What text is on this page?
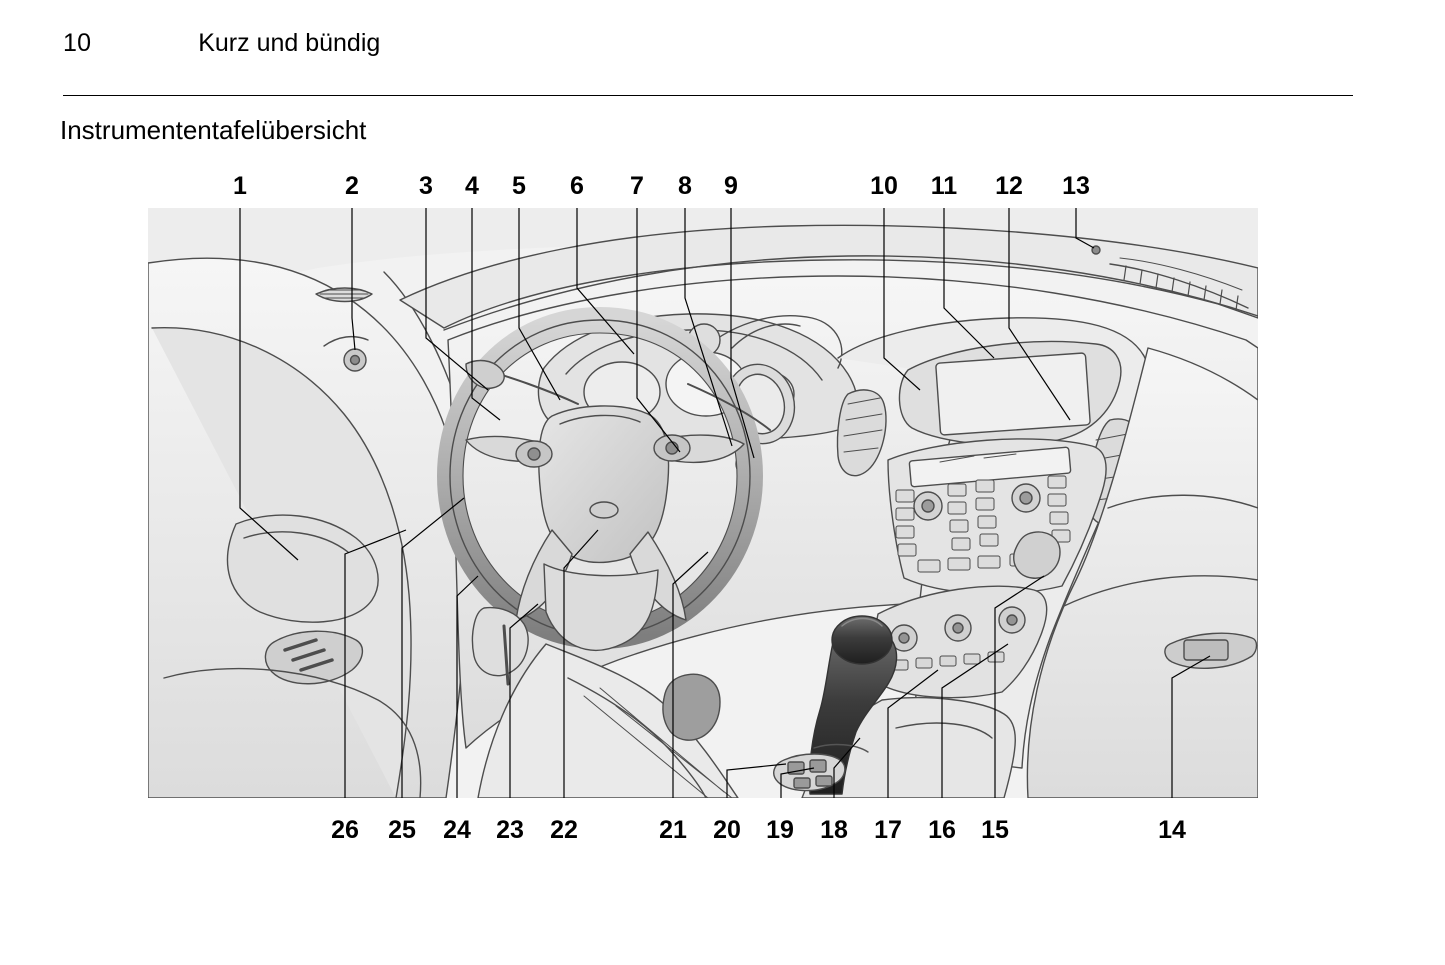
10	Kurz und bündig
Instrumententafelübersicht
1	2 3 4 5 6 7 8 9	10 11 12 13
26 25 24 23 22	21 20 19 18 17 16 15	14
